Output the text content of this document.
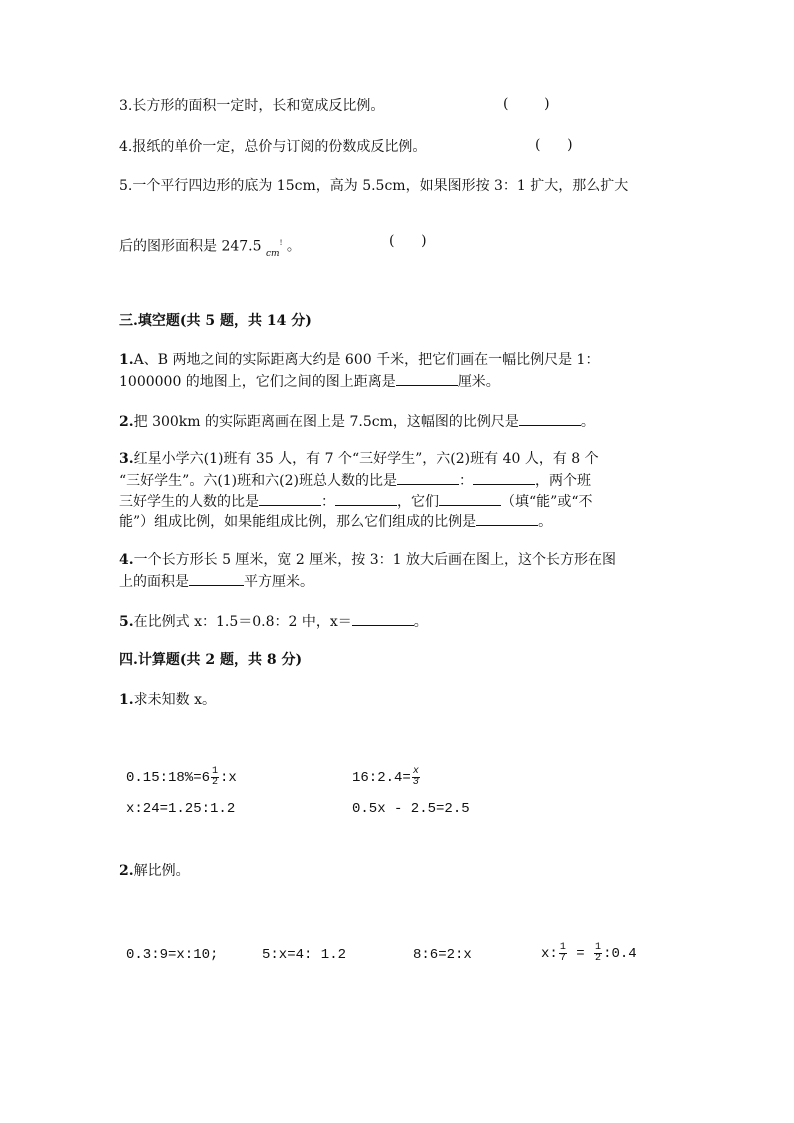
3.长方形的面积一定时，长和宽成反比例。	(        )
4.报纸的单价一定，总价与订阅的份数成反比例。	(      )
5.一个平行四边形的底为 15cm，高为 5.5cm，如果图形按 3：1 扩大，那么扩大
后的图形面积是 247.5 $_{cm}$! 。	(      )
三.填空题(共 5 题，共 14 分)
1.A、B 两地之间的实际距离大约是 600 千米，把它们画在一幅比例尺是 1：
1000000 的地图上，它们之间的图上距离是	厘米。
2.把 300km 的实际距离画在图上是 7.5cm，这幅图的比例尺是	。
3.红星小学六(1)班有 35 人，有 7 个“三好学生”，六(2)班有 40 人，有 8 个
“三好学生”。六(1)班和六(2)班总人数的比是	：	，两个班
三好学生的人数的比是	：	，它们	（填“能”或“不
能”）组成比例，如果能组成比例，那么它们组成的比例是	。
4.一个长方形长 5 厘米，宽 2 厘米，按 3：1 放大后画在图上，这个长方形在图
上的面积是	平方厘米。
5.在比例式 x：1.5＝0.8：2 中，x＝	。
四.计算题(共 2 题，共 8 分)
1.求未知数 x。
0.15:18%=6 $\frac{1}{2}$ :x	16:2.4= $\frac{x}{3}$
x:24=1.25:1.2	0.5x - 2.5=2.5
2.解比例。
0.3:9=x:10;	5:x=4: 1.2	8:6=2:x	x: $\frac{1}{7} = \frac{1}{2}$ :0.4
